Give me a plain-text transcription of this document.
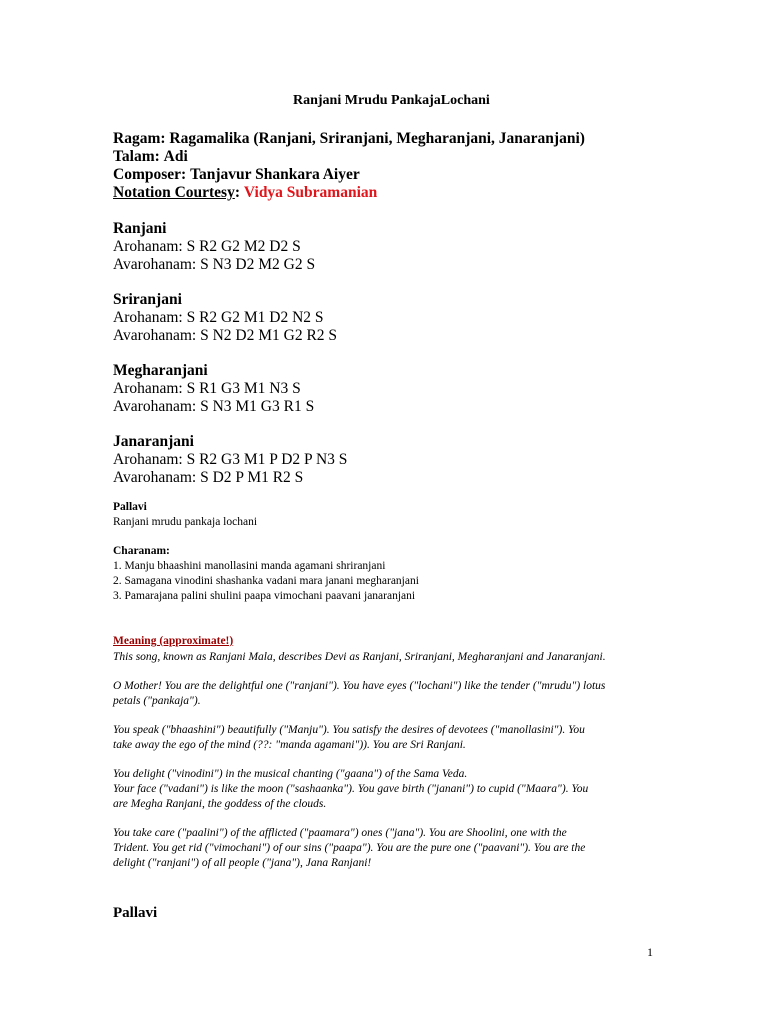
Ranjani Mrudu PankajaLochani
Ragam: Ragamalika (Ranjani, Sriranjani, Megharanjani, Janaranjani)
Talam: Adi
Composer: Tanjavur Shankara Aiyer
Notation Courtesy: Vidya Subramanian
Ranjani
Arohanam: S R2 G2 M2 D2 S
Avarohanam: S N3 D2 M2 G2 S
Sriranjani
Arohanam: S R2 G2 M1 D2 N2 S
Avarohanam: S N2 D2 M1 G2 R2 S
Megharanjani
Arohanam: S R1 G3 M1 N3 S
Avarohanam: S N3 M1 G3 R1 S
Janaranjani
Arohanam: S R2 G3 M1 P D2 P N3 S
Avarohanam: S D2 P M1 R2 S
Pallavi
Ranjani mrudu pankaja lochani
Charanam:
1. Manju bhaashini manollasini manda agamani shriranjani
2. Samagana vinodini shashanka vadani mara janani megharanjani
3. Pamarajana palini shulini paapa vimochani paavani janaranjani
Meaning (approximate!)
This song, known as Ranjani Mala, describes Devi as Ranjani, Sriranjani, Megharanjani and Janaranjani.
O Mother! You are the delightful one ("ranjani"). You have eyes ("lochani") like the tender ("mrudu") lotus
petals ("pankaja").
You speak ("bhaashini") beautifully ("Manju"). You satisfy the desires of devotees ("manollasini"). You
take away the ego of the mind (??: "manda agamani")). You are Sri Ranjani.
You delight ("vinodini") in the musical chanting ("gaana") of the Sama Veda.
Your face ("vadani") is like the moon ("sashaanka"). You gave birth ("janani") to cupid ("Maara"). You
are Megha Ranjani, the goddess of the clouds.
You take care ("paalini") of the afflicted ("paamara") ones ("jana"). You are Shoolini, one with the
Trident. You get rid ("vimochani") of our sins ("paapa"). You are the pure one ("paavani"). You are the
delight ("ranjani") of all people ("jana"), Jana Ranjani!
Pallavi
1
